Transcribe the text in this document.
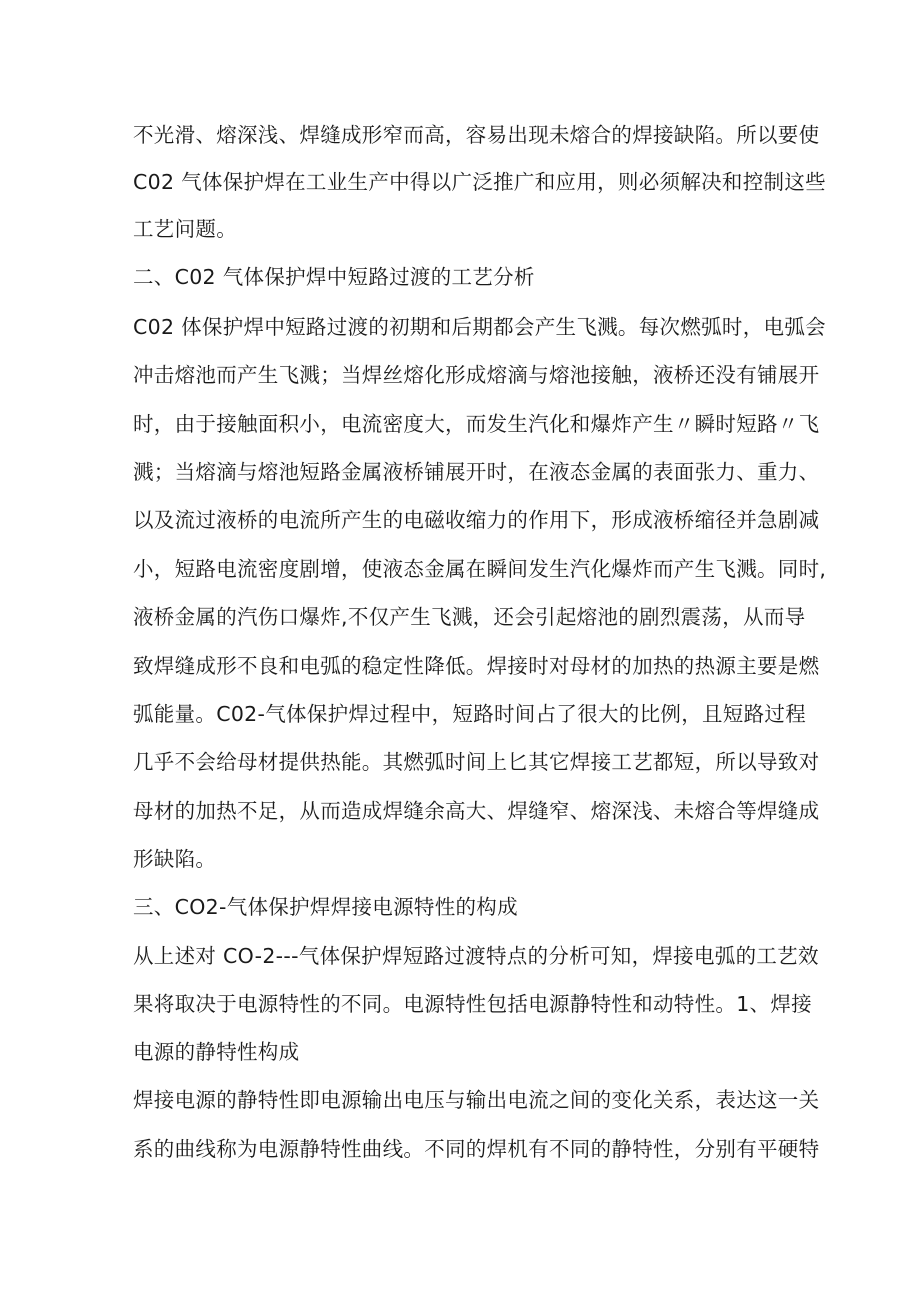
不光滑、熔深浅、焊缝成形窄而高，容易出现未熔合的焊接缺陷。所以要使
C02 气体保护焊在工业生产中得以广泛推广和应用，则必须解决和控制这些
工艺问题。
二、C02 气体保护焊中短路过渡的工艺分析
C02 体保护焊中短路过渡的初期和后期都会产生飞溅。每次燃弧时，电弧会
冲击熔池而产生飞溅；当焊丝熔化形成熔滴与熔池接触，液桥还没有铺展开
时，由于接触面积小，电流密度大，而发生汽化和爆炸产生〃瞬时短路〃飞
溅；当熔滴与熔池短路金属液桥铺展开时，在液态金属的表面张力、重力、
以及流过液桥的电流所产生的电磁收缩力的作用下，形成液桥缩径并急剧减
小，短路电流密度剧增，使液态金属在瞬间发生汽化爆炸而产生飞溅。同时,
液桥金属的汽伤口爆炸,不仅产生飞溅，还会引起熔池的剧烈震荡，从而导
致焊缝成形不良和电弧的稳定性降低。焊接时对母材的加热的热源主要是燃
弧能量。C02-气体保护焊过程中，短路时间占了很大的比例，且短路过程
几乎不会给母材提供热能。其燃弧时间上匕其它焊接工艺都短，所以导致对
母材的加热不足，从而造成焊缝余高大、焊缝窄、熔深浅、未熔合等焊缝成
形缺陷。
三、CO2-气体保护焊焊接电源特性的构成
从上述对 CO-2---气体保护焊短路过渡特点的分析可知，焊接电弧的工艺效
果将取决于电源特性的不同。电源特性包括电源静特性和动特性。1、焊接
电源的静特性构成
焊接电源的静特性即电源输出电压与输出电流之间的变化关系，表达这一关
系的曲线称为电源静特性曲线。不同的焊机有不同的静特性，分别有平硬特
